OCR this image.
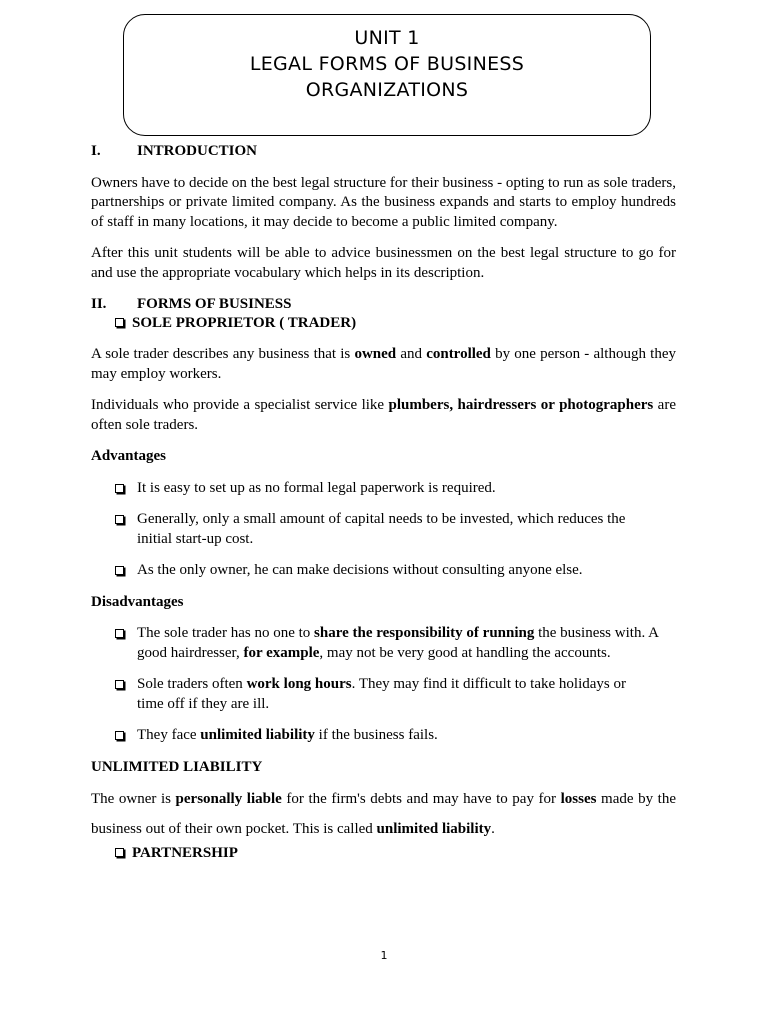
UNIT 1
LEGAL FORMS OF BUSINESS
ORGANIZATIONS

I. INTRODUCTION

Owners have to decide on the best legal structure for their business - opting to run as sole traders, partnerships or private limited company. As the business expands and starts to employ hundreds of staff in many locations, it may decide to become a public limited company.

After this unit students will be able to advice businessmen on the best legal structure to go for and use the appropriate vocabulary which helps in its description.

II. FORMS OF BUSINESS

SOLE PROPRIETOR ( TRADER)

A sole trader describes any business that is owned and controlled by one person - although they may employ workers.

Individuals who provide a specialist service like plumbers, hairdressers or photographers are often sole traders.

Advantages

It is easy to set up as no formal legal paperwork is required.

Generally, only a small amount of capital needs to be invested, which reduces the initial start-up cost.

As the only owner, he can make decisions without consulting anyone else.

Disadvantages

The sole trader has no one to share the responsibility of running the business with. A good hairdresser, for example, may not be very good at handling the accounts.

Sole traders often work long hours. They may find it difficult to take holidays or time off if they are ill.

They face unlimited liability if the business fails.

UNLIMITED LIABILITY

The owner is personally liable for the firm's debts and may have to pay for losses made by the business out of their own pocket. This is called unlimited liability.

PARTNERSHIP

1
